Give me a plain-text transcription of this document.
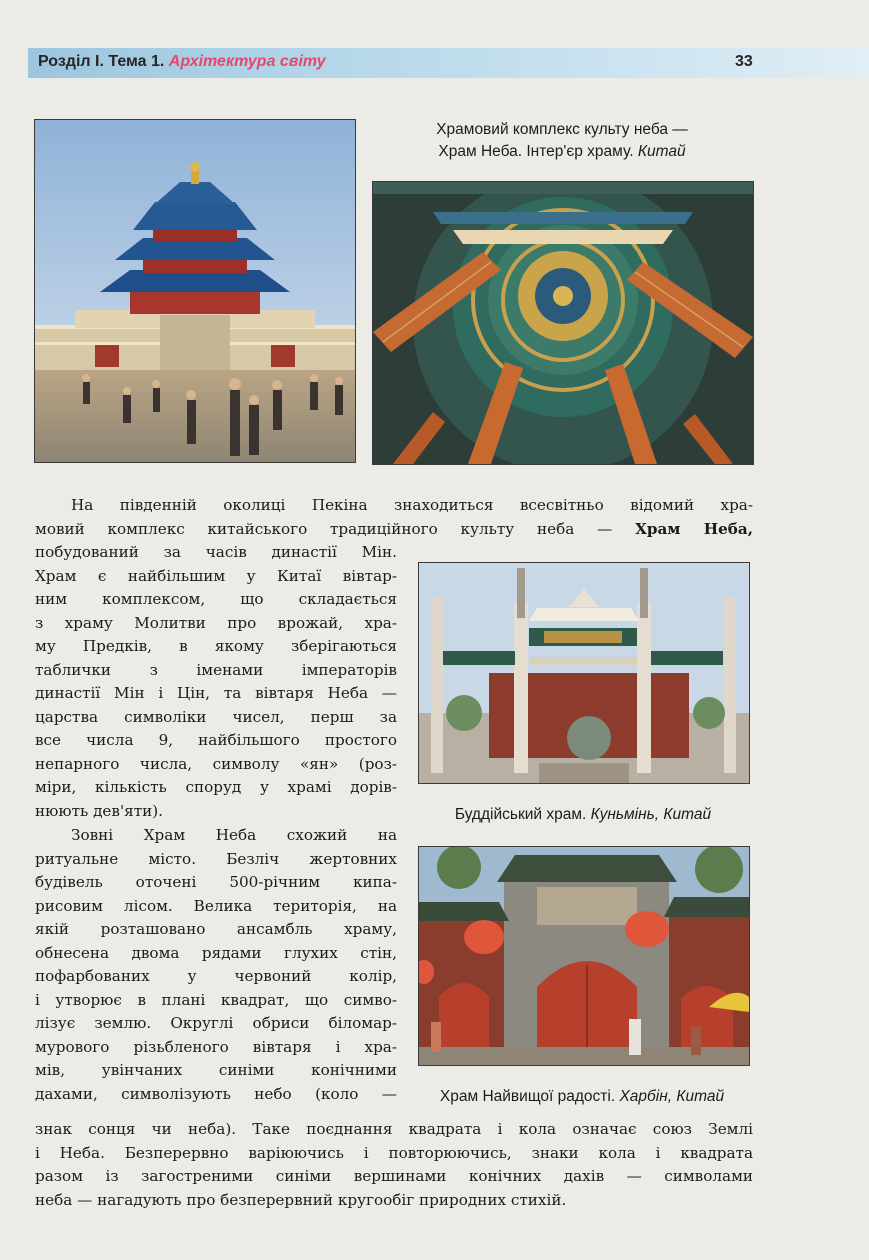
Розділ І. Тема 1. Архітектура світу	33
Храмовий комплекс культу неба —
Храм Неба. Інтер'єр храму. Китай
На південній околиці Пекіна знаходиться всесвітньо відомий хра-
мовий комплекс китайського традиційного культу неба — Храм Неба,
побудований за часів династії Мін.
Храм є найбільшим у Китаї вівтар-
ним комплексом, що складається
з храму Молитви про врожай, хра-
му Предків, в якому зберігаються
таблички з іменами імператорів
династії Мін і Цін, та вівтаря Неба —
царства символіки чисел, перш за
все числа 9, найбільшого простого
непарного числа, символу «ян» (роз-
міри, кількість споруд у храмі дорів-
нюють дев'яти).
Зовні Храм Неба схожий на
ритуальне місто. Безліч жертовних
будівель оточені 500-річним кипа-
рисовим лісом. Велика територія, на
якій розташовано ансамбль храму,
обнесена двома рядами глухих стін,
пофарбованих у червоний колір,
і утворює в плані квадрат, що симво-
лізує землю. Округлі обриси біломар-
мурового різьбленого вівтаря і хра-
мів, увінчаних синіми конічними
дахами, символізують небо (коло —
знак сонця чи неба). Таке поєднання квадрата і кола означає союз Землі
і Неба. Безперервно варіюючись і повторюючись, знаки кола і квадрата
разом із загостреними синіми вершинами конічних дахів — символами
неба — нагадують про безперервний кругообіг природних стихій.
Буддійський храм. Куньмінь, Китай
Храм Найвищої радості. Харбін, Китай
